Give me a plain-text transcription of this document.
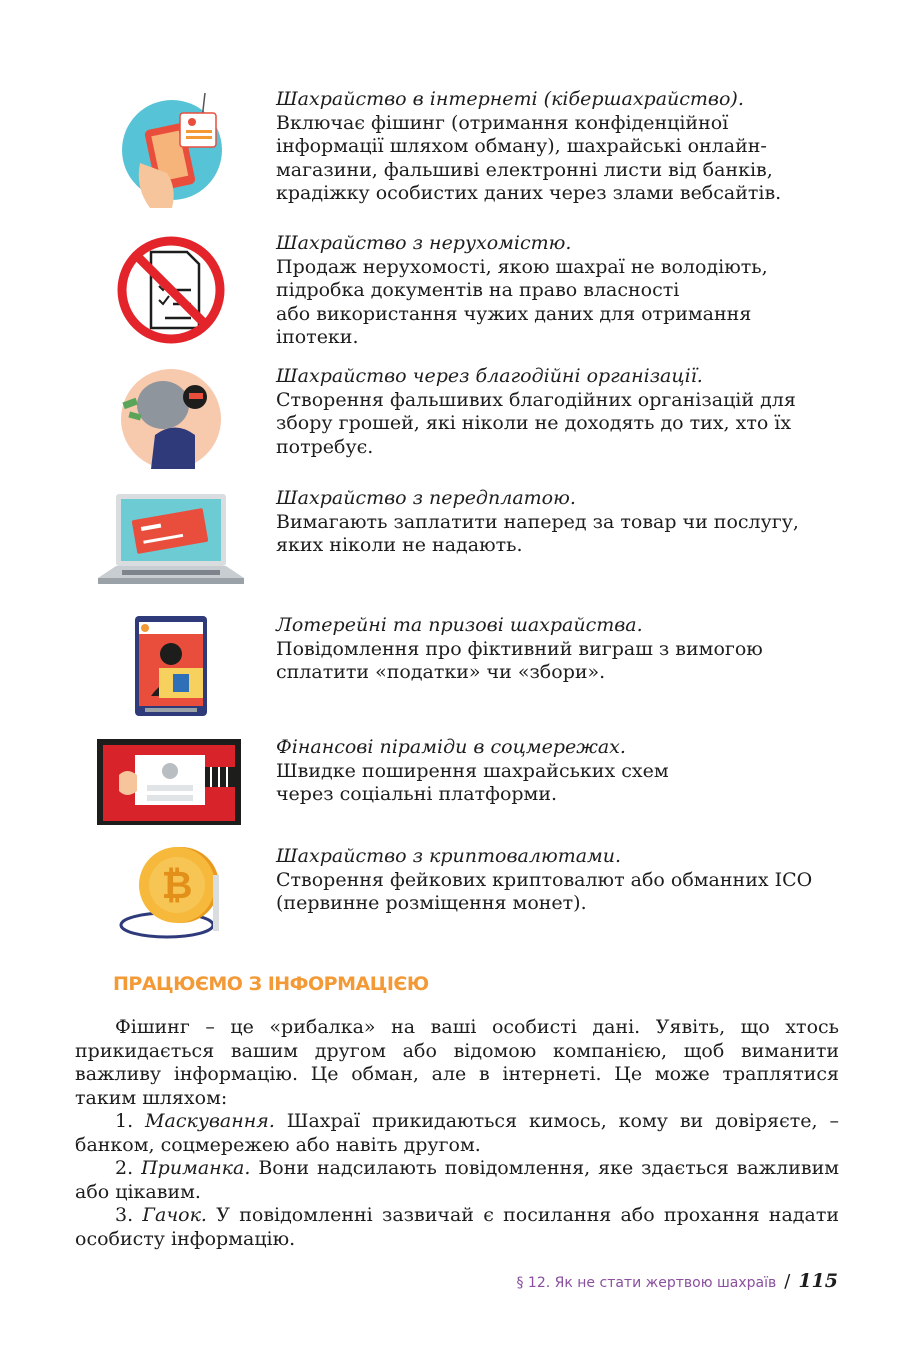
Шахрайство в інтернеті (кібершахрайство).
Включає фішинг (отримання конфіденційної
інформації шляхом обману), шахрайські онлайн-
магазини, фальшиві електронні листи від банків,
крадіжку особистих даних через злами вебсайтів.
Шахрайство з нерухомістю.
Продаж нерухомості, якою шахраї не володіють,
підробка документів на право власності
або використання чужих даних для отримання
іпотеки.
Шахрайство через благодійні організації.
Створення фальшивих благодійних організацій для
збору грошей, які ніколи не доходять до тих, хто їх
потребує.
Шахрайство з передплатою.
Вимагають заплатити наперед за товар чи послугу,
яких ніколи не надають.
Лотерейні та призові шахрайства.
Повідомлення про фіктивний виграш з вимогою
сплатити «податки» чи «збори».
Фінансові піраміди в соцмережах.
Швидке поширення шахрайських схем
через соціальні платформи.
₿
Шахрайство з криптовалютами.
Створення фейкових криптовалют або обманних ICO
(первинне розміщення монет).
ПРАЦЮЄМО З ІНФОРМАЦІЄЮ

Фішинг – це «рибалка» на ваші особисті дані. Уявіть, що хтось прикидається вашим другом або відомою компанією, щоб виманити важливу інформацію. Це обман, але в інтернеті. Це може траплятися таким шляхом:

1. Маскування. Шахраї прикидаються кимось, кому ви довіряєте, – банком, соцмережею або навіть другом.

2. Приманка. Вони надсилають повідомлення, яке здається важливим або цікавим.

3. Гачок. У повідомленні зазвичай є посилання або прохання надати особисту інформацію.

§ 12. Як не стати жертвою шахраїв / 115
